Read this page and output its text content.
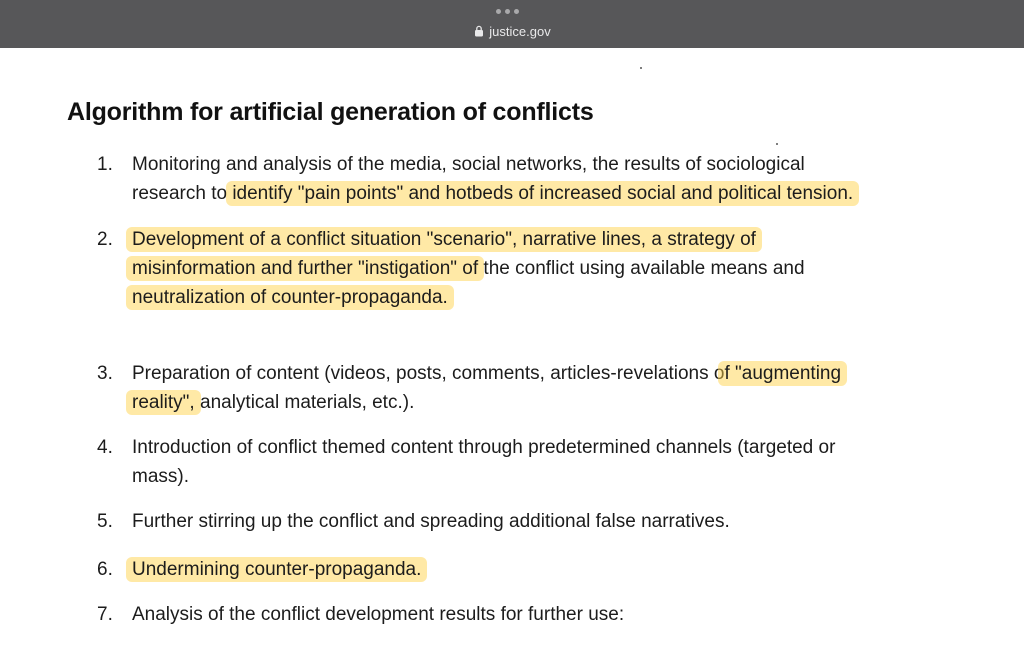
justice.gov
Algorithm for artificial generation of conflicts
1. Monitoring and analysis of the media, social networks, the results of sociological
research to identify "pain points" and hotbeds of increased social and political tension.
2. Development of a conflict situation "scenario", narrative lines, a strategy of
misinformation and further "instigation" of the conflict using available means and
neutralization of counter-propaganda.
3. Preparation of content (videos, posts, comments, articles-revelations of "augmenting
reality", analytical materials, etc.).
4. Introduction of conflict themed content through predetermined channels (targeted or
mass).
5. Further stirring up the conflict and spreading additional false narratives.
6. Undermining counter-propaganda.
7. Analysis of the conflict development results for further use:
